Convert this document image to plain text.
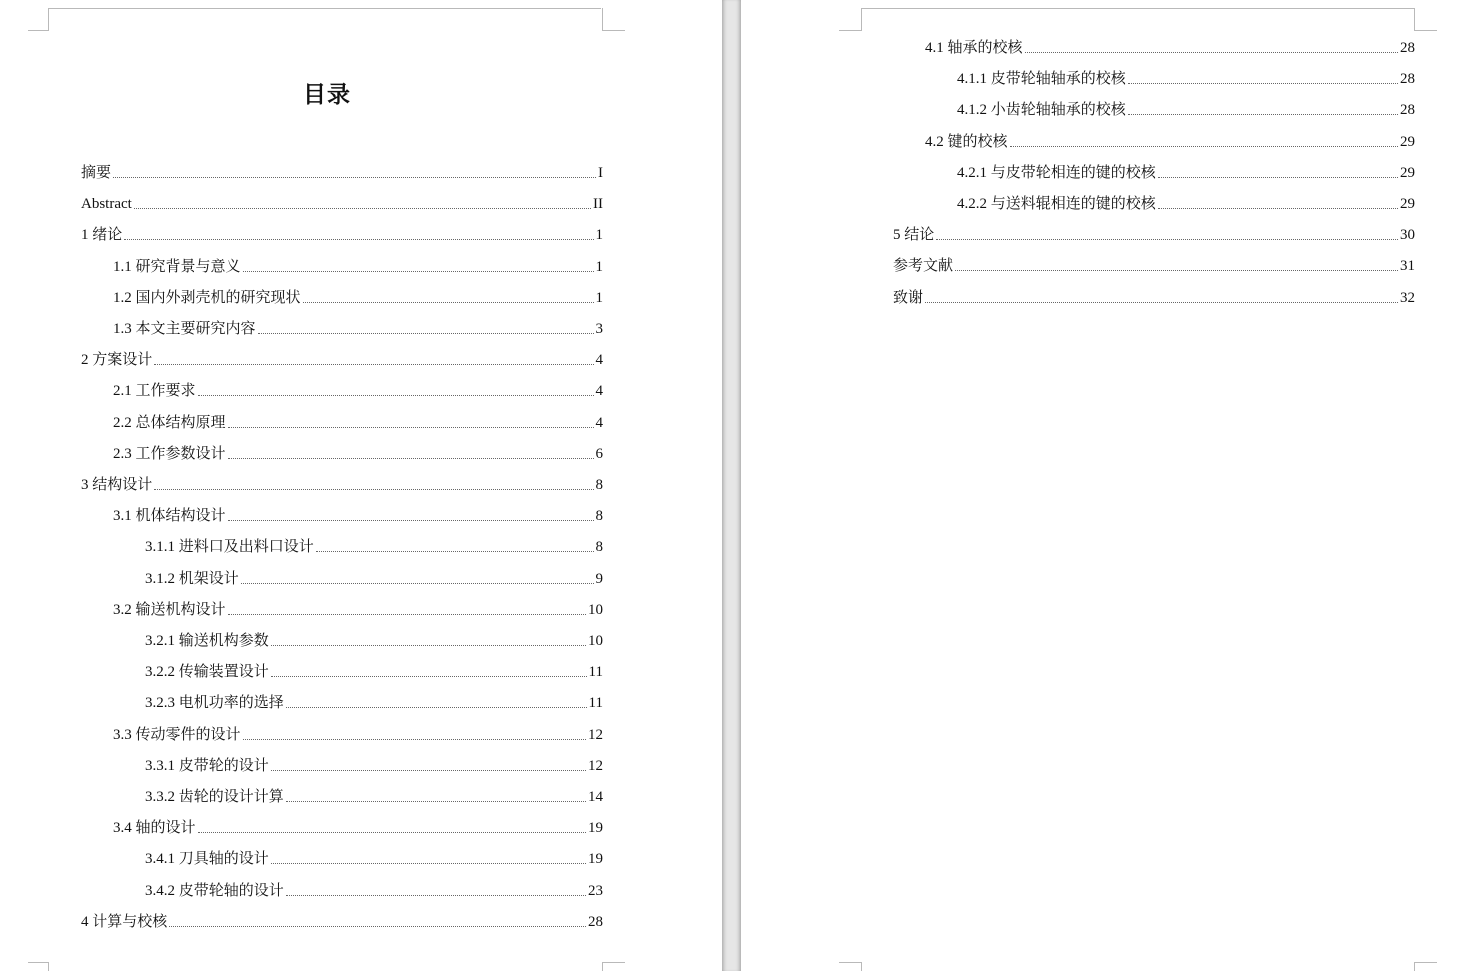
目录
摘要	I
Abstract	II
1 绪论	1
1.1 研究背景与意义	1
1.2 国内外剥壳机的研究现状	1
1.3 本文主要研究内容	3
2 方案设计	4
2.1 工作要求	4
2.2 总体结构原理	4
2.3 工作参数设计	6
3 结构设计	8
3.1 机体结构设计	8
3.1.1 进料口及出料口设计	8
3.1.2 机架设计	9
3.2 输送机构设计	10
3.2.1 输送机构参数	10
3.2.2 传输装置设计	11
3.2.3 电机功率的选择	11
3.3 传动零件的设计	12
3.3.1 皮带轮的设计	12
3.3.2 齿轮的设计计算	14
3.4 轴的设计	19
3.4.1 刀具轴的设计	19
3.4.2 皮带轮轴的设计	23
4 计算与校核	28
4.1 轴承的校核	28
4.1.1 皮带轮轴轴承的校核	28
4.1.2 小齿轮轴轴承的校核	28
4.2 键的校核	29
4.2.1 与皮带轮相连的键的校核	29
4.2.2 与送料辊相连的键的校核	29
5 结论	30
参考文献	31
致谢	32
